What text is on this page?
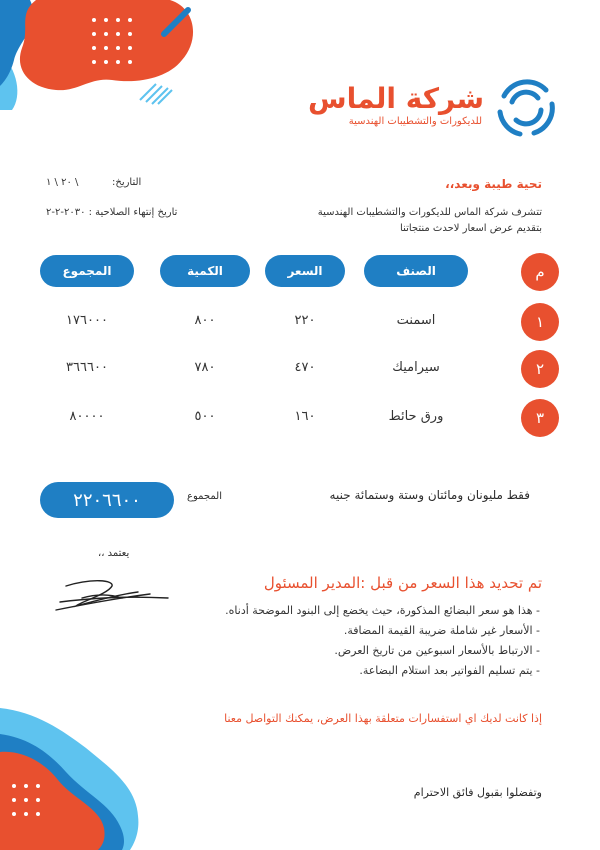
شركة الماس
للديكورات والتشطيبات الهندسية
تحية طيبة وبعد،،
التاريخ:
٢٠ \ ١ \
تتشرف شركة الماس للديكورات والتشطيبات الهندسية
بتقديم عرض اسعار لاحدث منتجاتنا
تاريخ إنتهاء الصلاحية : ٢٠٣٠-٢-٢
م
الصنف
السعر
الكمية
المجموع
١
اسمنت
٢٢٠
٨٠٠
١٧٦٠٠٠
٢
سيراميك
٤٧٠
٧٨٠
٣٦٦٦٠٠
٣
ورق حائط
١٦٠
٥٠٠
٨٠٠٠٠
فقط مليونان ومائتان وستة وستمائة جنيه
المجموع
٢٢٠٦٦٠٠
يعتمد ،،
تم تحديد هذا السعر من قبل :المدير المسئول
- هذا هو سعر البضائع المذكورة، حيث يخضع إلى البنود الموضحة أدناه.
- الأسعار غير شاملة ضريبة القيمة المضافة.
- الارتباط بالأسعار اسبوعين من تاريخ العرض.
- يتم تسليم الفواتير بعد استلام البضاعة.
إذا كانت لديك اي استفسارات متعلقة بهذا العرض، يمكنك التواصل معنا
وتفضلوا بقبول فائق الاحترام
